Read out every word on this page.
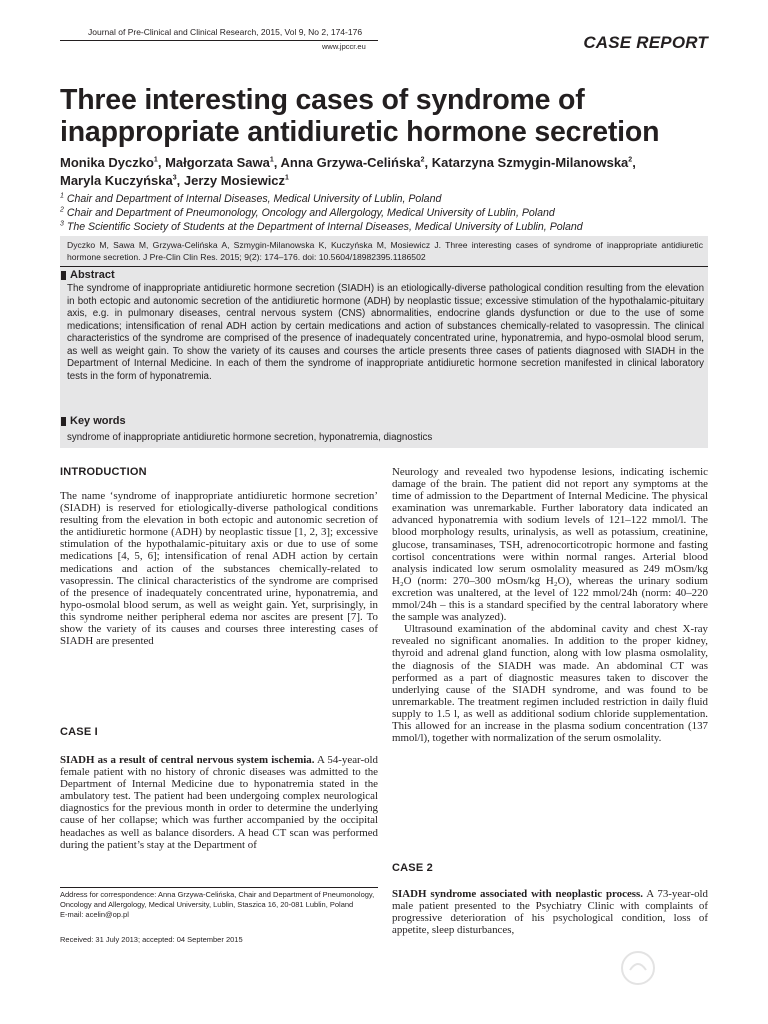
Journal of Pre-Clinical and Clinical Research, 2015, Vol 9, No 2, 174-176
www.jpccr.eu	CASE REPORT
Three interesting cases of syndrome of inappropriate antidiuretic hormone secretion
Monika Dyczko$^1$, Małgorzata Sawa$^1$, Anna Grzywa-Celińska$^2$, Katarzyna Szmygin-Milanowska$^2$,
Maryla Kuczyńska$^3$, Jerzy Mosiewicz$^1$
$^1$ Chair and Department of Internal Diseases, Medical University of Lublin, Poland
$^2$ Chair and Department of Pneumonology, Oncology and Allergology, Medical University of Lublin, Poland
$^3$ The Scientific Society of Students at the Department of Internal Diseases, Medical University of Lublin, Poland
Dyczko M, Sawa M, Grzywa-Celińska A, Szmygin-Milanowska K, Kuczyńska M, Mosiewicz J. Three interesting cases of syndrome of inappropriate antidiuretic hormone secretion. J Pre-Clin Clin Res. 2015; 9(2): 174–176. doi: 10.5604/18982395.1186502
Abstract
The syndrome of inappropriate antidiuretic hormone secretion (SIADH) is an etiologically-diverse pathological condition resulting from the elevation in both ectopic and autonomic secretion of the antidiuretic hormone (ADH) by neoplastic tissue; excessive stimulation of the hypothalamic-pituitary axis, e.g. in pulmonary diseases, central nervous system (CNS) abnormalities, endocrine glands dysfunction or due to the use of some medications; intensification of renal ADH action by certain medications and action of substances chemically-related to vasopressin. The clinical characteristics of the syndrome are comprised of the presence of inadequately concentrated urine, hyponatremia, and hypo-osmolal blood serum, as well as weight gain. To show the variety of its causes and courses the article presents three cases of patients diagnosed with SIADH in the Department of Internal Medicine. In each of them the syndrome of inappropriate antidiuretic hormone secretion manifested in clinical laboratory tests in the form of hyponatremia.
Key words
syndrome of inappropriate antidiuretic hormone secretion, hyponatremia, diagnostics
INTRODUCTION

The name ‘syndrome of inappropriate antidiuretic hormone secretion’ (SIADH) is reserved for etiologically-diverse pathological conditions resulting from the elevation in both ectopic and autonomic secretion of the antidiuretic hormone (ADH) by neoplastic tissue [1, 2, 3]; excessive stimulation of the hypothalamic-pituitary axis or due to use of some medications [4, 5, 6]; intensification of renal ADH action by certain medications and action of the substances chemically-related to vasopressin. The clinical characteristics of the syndrome are comprised of the presence of inadequately concentrated urine, hyponatremia, and hypo-osmolal blood serum, as well as weight gain. Yet, surprisingly, in this syndrome neither peripheral edema nor ascites are present [7]. To show the variety of its causes and courses three interesting cases of SIADH are presented

CASE I

SIADH as a result of central nervous system ischemia. A 54-year-old female patient with no history of chronic diseases was admitted to the Department of Internal Medicine due to hyponatremia stated in the ambulatory test. The patient had been undergoing complex neurological diagnostics for the previous month in order to determine the underlying cause of her collapse; which was further accompanied by the occipital headaches as well as balance disorders. A head CT scan was performed during the patient’s stay at the Department of

Address for correspondence: Anna Grzywa-Celińska, Chair and Department of Pneumonology, Oncology and Allergology, Medical University, Lublin, Staszica 16, 20-081 Lublin, Poland
E-mail: acelin@op.pl
Received: 31 July 2013; accepted: 04 September 2015

Neurology and revealed two hypodense lesions, indicating ischemic damage of the brain. The patient did not report any symptoms at the time of admission to the Department of Internal Medicine. The physical examination was unremarkable. Further laboratory data indicated an advanced hyponatremia with sodium levels of 121–122 mmol/l. The blood morphology results, urinalysis, as well as potassium, creatinine, glucose, transaminases, TSH, adrenocorticotropic hormone and fasting cortisol concentrations were within normal ranges. Arterial blood analysis indicated low serum osmolality measured as 249 mOsm/kg H₂O (norm: 270–300 mOsm/kg H₂O), whereas the urinary sodium excretion was unaltered, at the level of 122 mmol/24h (norm: 40–220 mmol/24h – this is a standard specified by the central laboratory where the sample was analyzed).

Ultrasound examination of the abdominal cavity and chest X-ray revealed no significant anomalies. In addition to the proper kidney, thyroid and adrenal gland function, along with low plasma osmolality, the diagnosis of the SIADH was made. An abdominal CT was performed as a part of diagnostic measures taken to discover the underlying cause of the SIADH syndrome, and was found to be unremarkable. The treatment regimen included restriction in daily fluid supply to 1.5 l, as well as additional sodium chloride supplementation. This allowed for an increase in the plasma sodium concentration (137 mmol/l), together with normalization of the serum osmolality.

CASE 2

SIADH syndrome associated with neoplastic process. A 73-year-old male patient presented to the Psychiatry Clinic with complaints of progressive deterioration of his psychological condition, loss of appetite, sleep disturbances,
